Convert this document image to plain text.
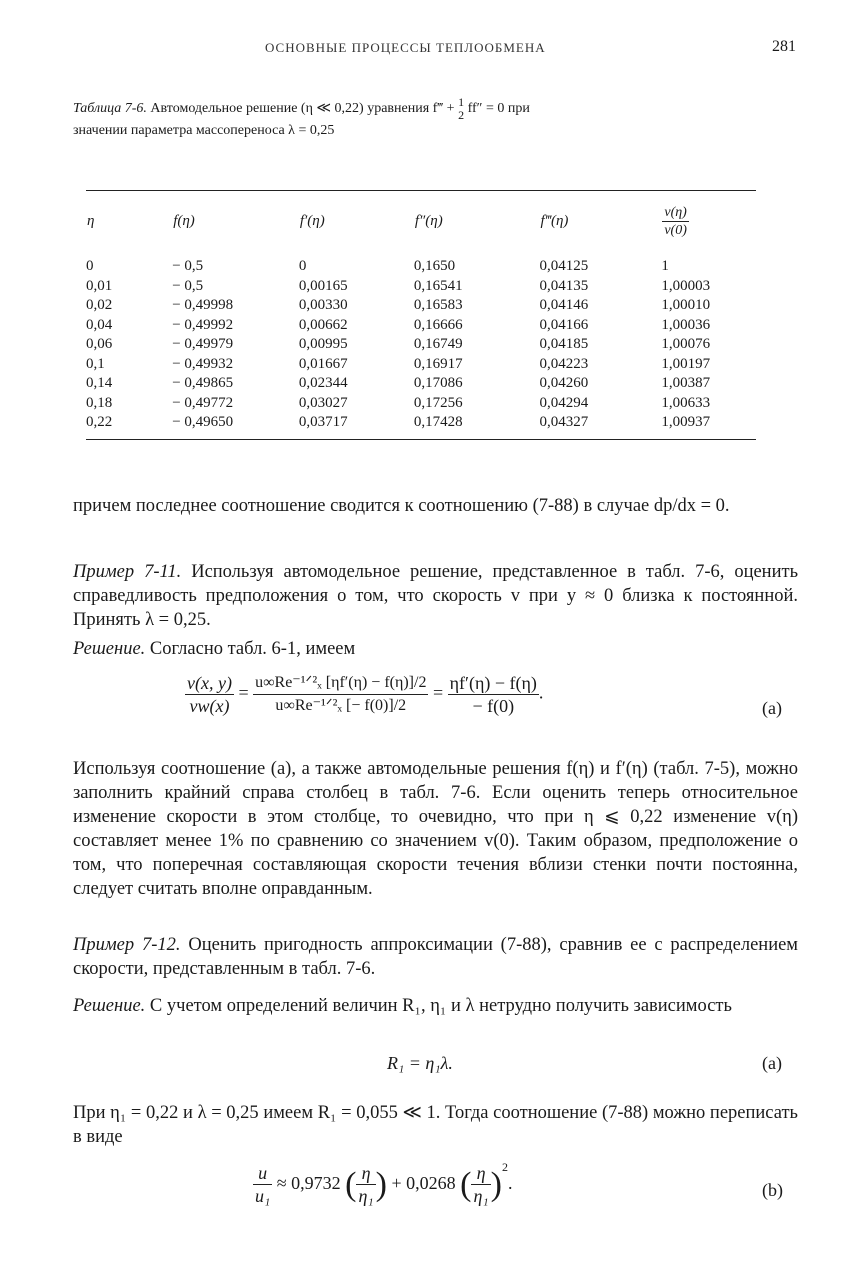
ОСНОВНЫЕ ПРОЦЕССЫ ТЕПЛООБМЕНА	281
Таблица 7-6. Автомодельное решение (η ≪ 0,22) уравнения f‴ + 1
2 ff″ = 0 при
значении параметра массопереноса λ = 0,25
η	f(η)	f′(η)	f″(η)	f‴(η)	$\frac{v(\eta)}{v(0)}$

0	− 0,5	0	0,1650	0,04125	1
0,01	− 0,5	0,00165	0,16541	0,04135	1,00003
0,02	− 0,49998	0,00330	0,16583	0,04146	1,00010
0,04	− 0,49992	0,00662	0,16666	0,04166	1,00036
0,06	− 0,49979	0,00995	0,16749	0,04185	1,00076
0,1	− 0,49932	0,01667	0,16917	0,04223	1,00197
0,14	− 0,49865	0,02344	0,17086	0,04260	1,00387
0,18	− 0,49772	0,03027	0,17256	0,04294	1,00633
0,22	− 0,49650	0,03717	0,17428	0,04327	1,00937
причем последнее соотношение сводится к соотношению (7-88) в случае dp/dx = 0.
Пример 7-11. Используя автомодельное решение, представленное в табл. 7-6, оценить справедливость предположения о том, что скорость v при y ≈ 0 близка к постоянной. Принять λ = 0,25.
Решение. Согласно табл. 6-1, имеем
$\frac{v(x, y)}{vw(x)}$ =
u∞Re⁻¹ᐟ²ₓ [ηf′(η) − f(η)]/2
u∞Re⁻¹ᐟ²ₓ [− f(0)]/2
= $\frac{\eta f'(\eta) - f(\eta)}{- f(0)}$ .
(a)
Используя соотношение (a), а также автомодельные решения f(η) и f′(η) (табл. 7-5), можно заполнить крайний справа столбец в табл. 7-6. Если оценить теперь относительное изменение скорости в этом столбце, то очевидно, что при η ⩽ 0,22 изменение v(η) составляет менее 1% по сравнению со значением v(0). Таким образом, предположение о том, что поперечная составляющая скорости течения вблизи стенки почти постоянна, следует считать вполне оправданным.
Пример 7-12. Оценить пригодность аппроксимации (7-88), сравнив ее с распределением скорости, представленным в табл. 7-6.
Решение. С учетом определений величин R₁, η₁ и λ нетрудно получить зависимость
R₁ = η₁λ.	(a)
При η₁ = 0,22 и λ = 0,25 имеем R₁ = 0,055 ≪ 1. Тогда соотношение (7-88) можно переписать в виде
$\frac{u}{\text{u₁}} \approx 0,9732$ ( $\frac{\eta}{\text{η₁}}$ ) + 0,0268 ( $\frac{\eta}{\text{η₁}} )^2$.	(b)
